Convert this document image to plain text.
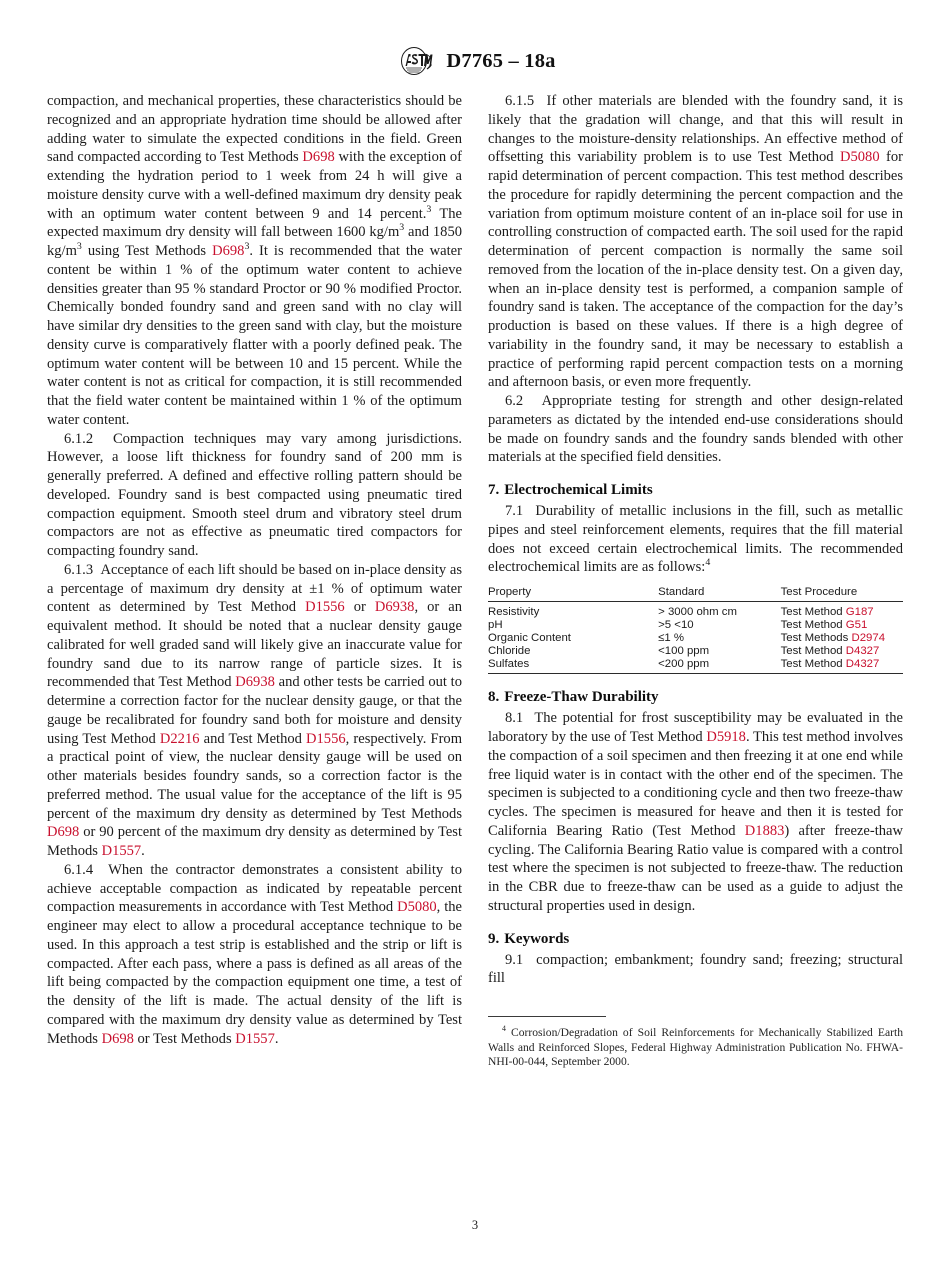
D7765 – 18a

compaction, and mechanical properties, these characteristics should be recognized and an appropriate hydration time should be allowed after adding water to simulate the expected conditions in the field. Green sand compacted according to Test Methods D698 with the exception of extending the hydration period to 1 week from 24 h will give a moisture density curve with a well-defined maximum dry density peak with an optimum water content between 9 and 14 percent.$^3$ The expected maximum dry density will fall between 1600 $kg/m^3$ and 1850 $kg/m^3$ using Test Methods $D698^3$. It is recommended that the water content be within 1 % of the optimum water content to achieve densities greater than 95 % standard Proctor or 90 % modified Proctor. Chemically bonded foundry sand and green sand with no clay will have similar dry densities to the green sand with clay, but the moisture density curve is comparatively flatter with a poorly defined peak. The optimum water content will be between 10 and 15 percent. While the water content is not as critical for compaction, it is still recommended that the field water content be maintained within 1 % of the optimum water content.

6.1.2 Compaction techniques may vary among jurisdictions. However, a loose lift thickness for foundry sand of 200 mm is generally preferred. A defined and effective rolling pattern should be developed. Foundry sand is best compacted using pneumatic tired compaction equipment. Smooth steel drum and vibratory steel drum compactors are not as effective as pneumatic tired compactors for compacting foundry sand.

6.1.3 Acceptance of each lift should be based on in-place density as a percentage of maximum dry density at ±1 % of optimum water content as determined by Test Method D1556 or D6938, or an equivalent method. It should be noted that a nuclear density gauge calibrated for well graded sand will likely give an inaccurate value for foundry sand due to its narrow range of particle sizes. It is recommended that Test Method D6938 and other tests be carried out to determine a correction factor for the nuclear density gauge, or that the gauge be recalibrated for foundry sand both for moisture and density using Test Method D2216 and Test Method D1556, respectively. From a practical point of view, the nuclear density gauge will be used on other materials besides foundry sands, so a correction factor is the preferred method. The usual value for the acceptance of the lift is 95 percent of the maximum dry density as determined by Test Methods D698 or 90 percent of the maximum dry density as determined by Test Methods D1557.

6.1.4 When the contractor demonstrates a consistent ability to achieve acceptable compaction as indicated by repeatable percent compaction measurements in accordance with Test Method D5080, the engineer may elect to allow a procedural acceptance technique to be used. In this approach a test strip is established and the strip or lift is compacted. After each pass, where a pass is defined as all areas of the lift being compacted by the compaction equipment one time, a test of the density of the lift is made. The actual density of the lift is compared with the maximum dry density value as determined by Test Methods D698 or Test Methods D1557.

6.1.5 If other materials are blended with the foundry sand, it is likely that the gradation will change, and that this will result in changes to the moisture-density relationships. An effective method of offsetting this variability problem is to use Test Method D5080 for rapid determination of percent compaction. This test method describes the procedure for rapidly determining the percent compaction and the variation from optimum moisture content of an in-place soil for use in controlling construction of compacted earth. The soil used for the rapid determination of percent compaction is normally the same soil removed from the location of the in-place density test. On a given day, when an in-place density test is performed, a companion sample of foundry sand is taken. The acceptance of the compaction for the day’s production is based on these values. If there is a high degree of variability in the foundry sand, it may be necessary to establish a practice of performing rapid percent compaction tests on a morning and afternoon basis, or even more frequently.

6.2 Appropriate testing for strength and other design-related parameters as dictated by the intended end-use considerations should be made on foundry sands and the foundry sands blended with other materials at the specified field densities.

7. Electrochemical Limits

7.1 Durability of metallic inclusions in the fill, such as metallic pipes and steel reinforcement elements, requires that the fill material does not exceed certain electrochemical limits. The recommended electrochemical limits are as follows:$^4$

Property	Standard	Test Procedure
Resistivity	> 3000 ohm cm	Test Method G187
pH	>5 <10	Test Method G51
Organic Content	≤1 %	Test Methods D2974
Chloride	<100 ppm	Test Method D4327
Sulfates	<200 ppm	Test Method D4327
8. Freeze-Thaw Durability

8.1 The potential for frost susceptibility may be evaluated in the laboratory by the use of Test Method D5918. This test method involves the compaction of a soil specimen and then freezing it at one end while free liquid water is in contact with the other end of the specimen. The specimen is subjected to a conditioning cycle and then two freeze-thaw cycles. The specimen is measured for heave and then it is tested for California Bearing Ratio (Test Method D1883) after freeze-thaw cycling. The California Bearing Ratio value is compared with a control test where the specimen is not subjected to freeze-thaw. The reduction in the CBR due to freeze-thaw can be used as a guide to adjust the structural properties used in design.

9. Keywords

9.1 compaction; embankment; foundry sand; freezing; structural fill

$^4$ Corrosion/Degradation of Soil Reinforcements for Mechanically Stabilized Earth Walls and Reinforced Slopes, Federal Highway Administration Publication No. FHWA-NHI-00-044, September 2000.

3
